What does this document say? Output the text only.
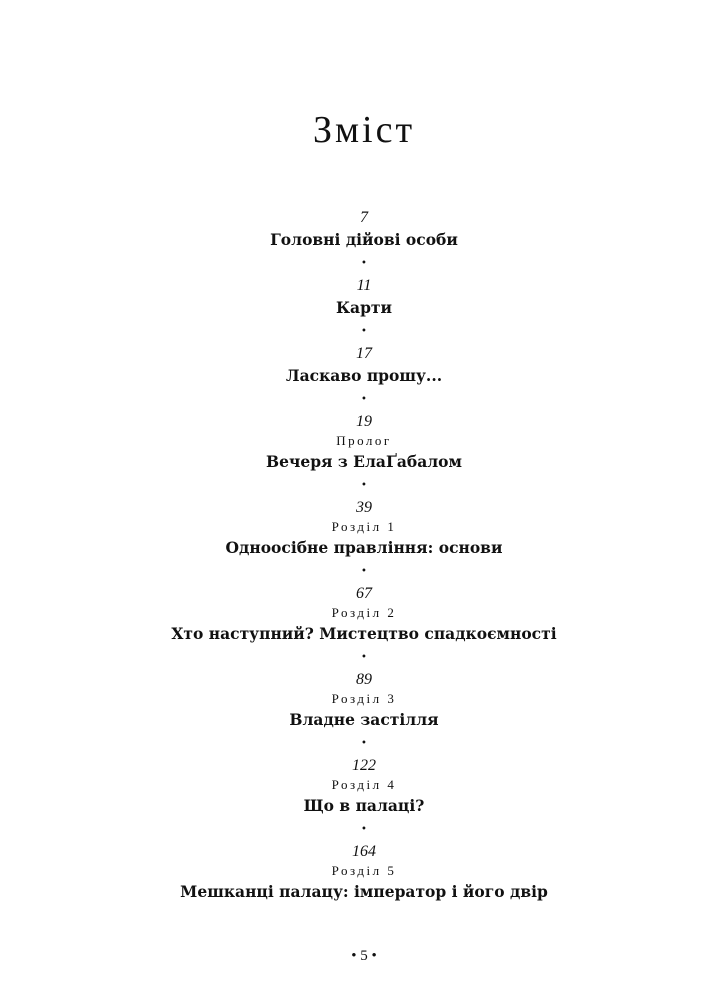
Зміст
7
Головні дійові особи
•
11
Карти
•
17
Ласкаво прошу...
•
19
Пролог
Вечеря з ЕлаҐабалом
•
39
Розділ 1
Одноосібне правління: основи
•
67
Розділ 2
Хто наступний? Мистецтво спадкоємності
•
89
Розділ 3
Владне застілля
•
122
Розділ 4
Що в палаці?
•
164
Розділ 5
Мешканці палацу: імператор і його двір
• 5 •
